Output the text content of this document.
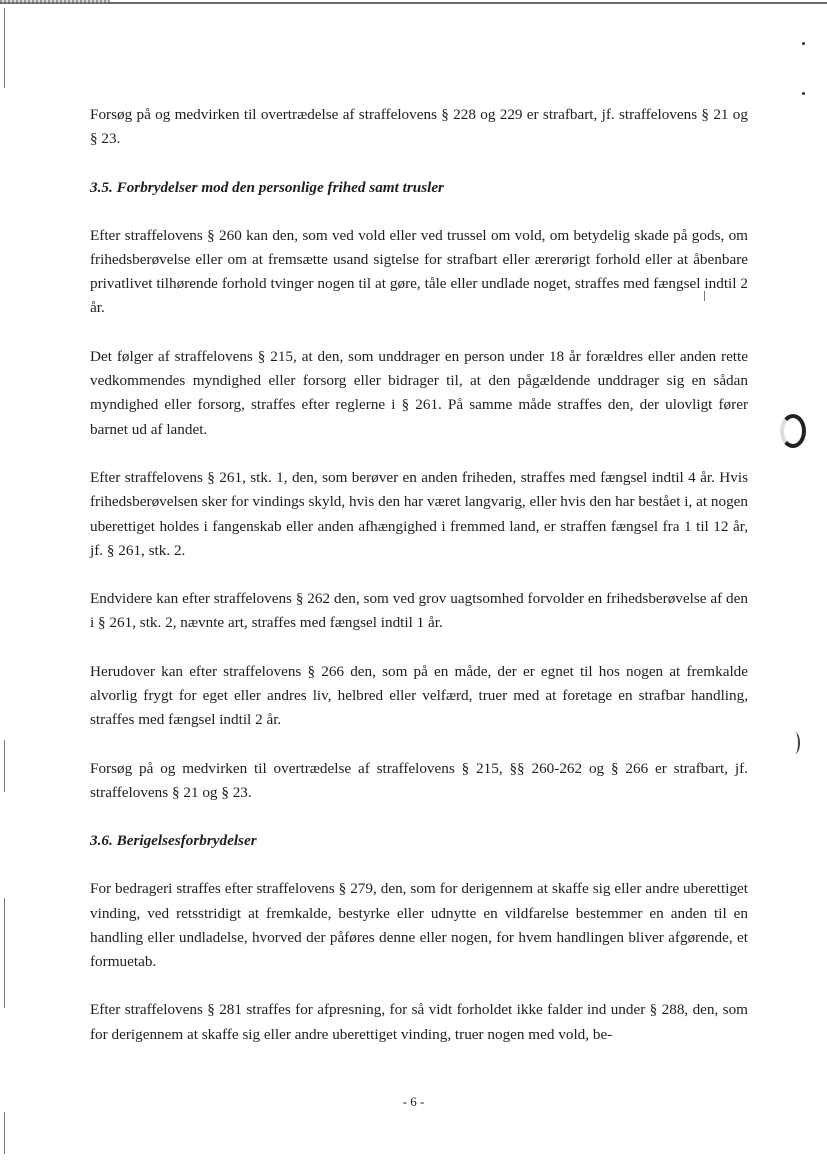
Forsøg på og medvirken til overtrædelse af straffelovens § 228 og 229 er strafbart, jf. straffelovens § 21 og § 23.

3.5. Forbrydelser mod den personlige frihed samt trusler

Efter straffelovens § 260 kan den, som ved vold eller ved trussel om vold, om betydelig skade på gods, om frihedsberøvelse eller om at fremsætte usand sigtelse for strafbart eller ærerørigt forhold eller at åbenbare privatlivet tilhørende forhold tvinger nogen til at gøre, tåle eller undlade noget, straffes med fængsel indtil 2 år.

Det følger af straffelovens § 215, at den, som unddrager en person under 18 år forældres eller anden rette vedkommendes myndighed eller forsorg eller bidrager til, at den pågældende unddrager sig en sådan myndighed eller forsorg, straffes efter reglerne i § 261. På samme måde straffes den, der ulovligt fører barnet ud af landet.

Efter straffelovens § 261, stk. 1, den, som berøver en anden friheden, straffes med fængsel indtil 4 år. Hvis frihedsberøvelsen sker for vindings skyld, hvis den har været langvarig, eller hvis den har bestået i, at nogen uberettiget holdes i fangenskab eller anden afhængighed i fremmed land, er straffen fængsel fra 1 til 12 år, jf. § 261, stk. 2.

Endvidere kan efter straffelovens § 262 den, som ved grov uagtsomhed forvolder en frihedsberøvelse af den i § 261, stk. 2, nævnte art, straffes med fængsel indtil 1 år.

Herudover kan efter straffelovens § 266 den, som på en måde, der er egnet til hos nogen at fremkalde alvorlig frygt for eget eller andres liv, helbred eller velfærd, truer med at foretage en strafbar handling, straffes med fængsel indtil 2 år.

Forsøg på og medvirken til overtrædelse af straffelovens § 215, §§ 260-262 og § 266 er strafbart, jf. straffelovens § 21 og § 23.

3.6. Berigelsesforbrydelser

For bedrageri straffes efter straffelovens § 279, den, som for derigennem at skaffe sig eller andre uberettiget vinding, ved retsstridigt at fremkalde, bestyrke eller udnytte en vildfarelse bestemmer en anden til en handling eller undladelse, hvorved der påføres denne eller nogen, for hvem handlingen bliver afgørende, et formuetab.

Efter straffelovens § 281 straffes for afpresning, for så vidt forholdet ikke falder ind under § 288, den, som for derigennem at skaffe sig eller andre uberettiget vinding, truer nogen med vold, be-

- 6 -
